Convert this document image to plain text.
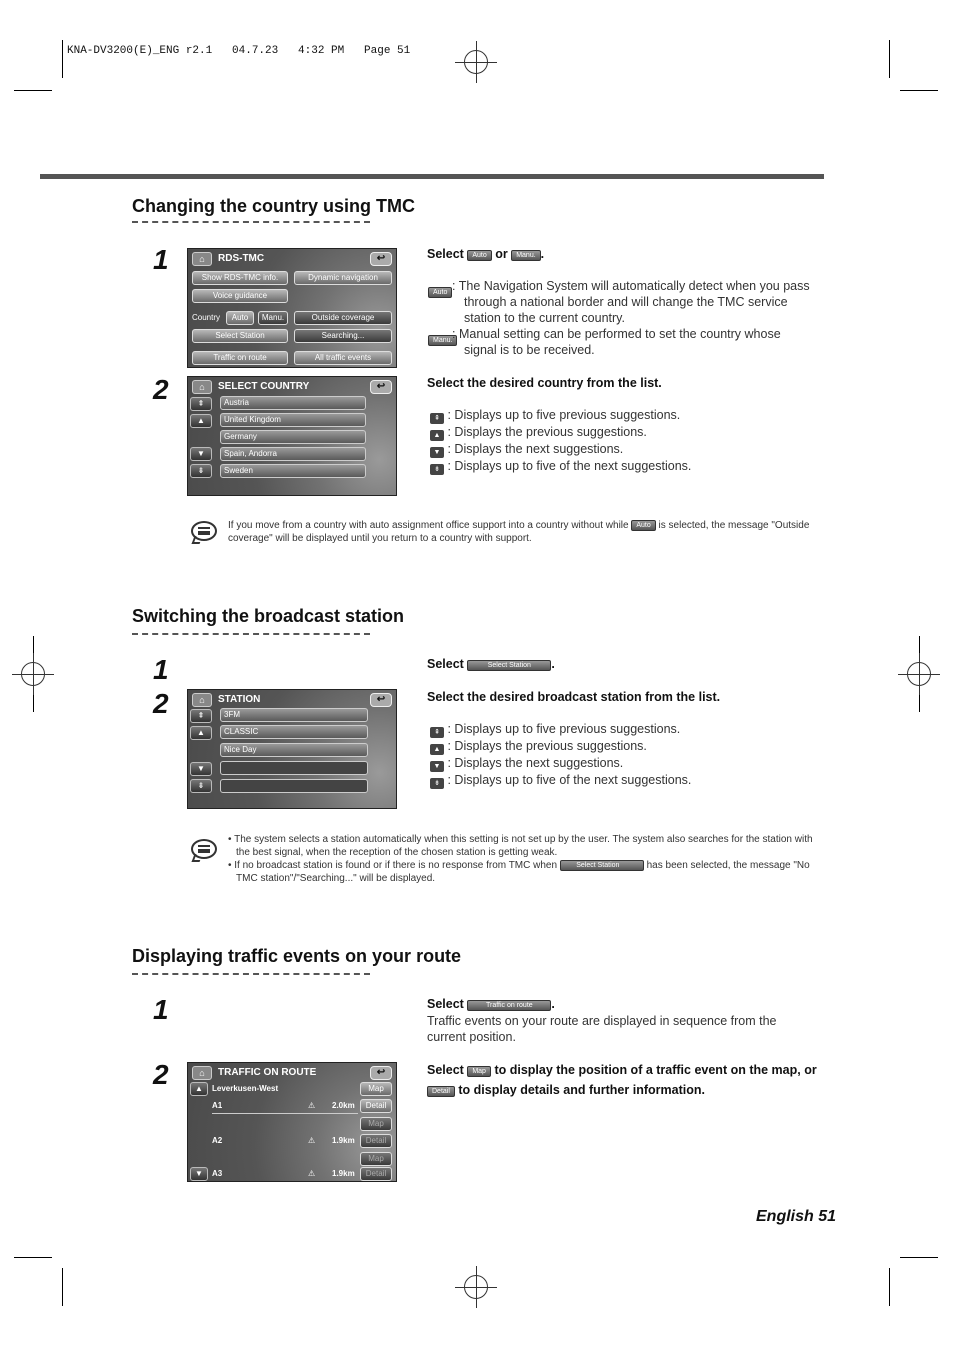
KNA-DV3200(E)_ENG r2.1   04.7.23   4:32 PM   Page 51
Changing the country using TMC
1
2
⌂	RDS-TMC	↩
Show RDS-TMC info.	Dynamic navigation
Voice guidance
Country	Auto	Manu.	Outside coverage
Select Station	Searching...
Traffic on route	All traffic events
⌂	SELECT COUNTRY	↩
⇞
▲
▼
⇟
Austria
United Kingdom
Germany
Spain, Andorra
Sweden
Select Auto or Manu. .
Auto : The Navigation System will automatically detect when you pass through a national border and will change the TMC service station to the current country.
Manu. : Manual setting can be performed to set the country whose signal is to be received.
Select the desired country from the list.
⇞ : Displays up to five previous suggestions.
▲ : Displays the previous suggestions.
▼ : Displays the next suggestions.
⇟ : Displays up to five of the next suggestions.
If you move from a country with auto assignment office support into a country without while Auto is selected, the message "Outside coverage" will be displayed until you return to a country with support.
Switching the broadcast station
1
2	⌂	STATION	↩
⇞
▲
▼
⇟
3FM
CLASSIC
Nice Day
Select	Select Station .
Select the desired broadcast station from the list.
⇞ : Displays up to five previous suggestions.
▲ : Displays the previous suggestions.
▼ : Displays the next suggestions.
⇟ : Displays up to five of the next suggestions.
• The system selects a station automatically when this setting is not set up by the user. The system also searches for the station with the best signal, when the reception of the chosen station is getting weak.
• If no broadcast station is found or if there is no response from TMC when	Select Station	has been selected, the message "No TMC station"/"Searching..." will be displayed.
Displaying traffic events on your route
1
2	⌂	TRAFFIC ON ROUTE	↩
▲	Leverkusen-West	Map
A1	⚠ 2.0km	Detail
Map
A2	⚠ 1.9km	Detail
Map
▼	A3	⚠ 1.9km	Detail
Select	Traffic on route .
Traffic events on your route are displayed in sequence from the current position.
Select Map to display the position of a traffic event on the map, or Detail to display details and further information.
English 51
